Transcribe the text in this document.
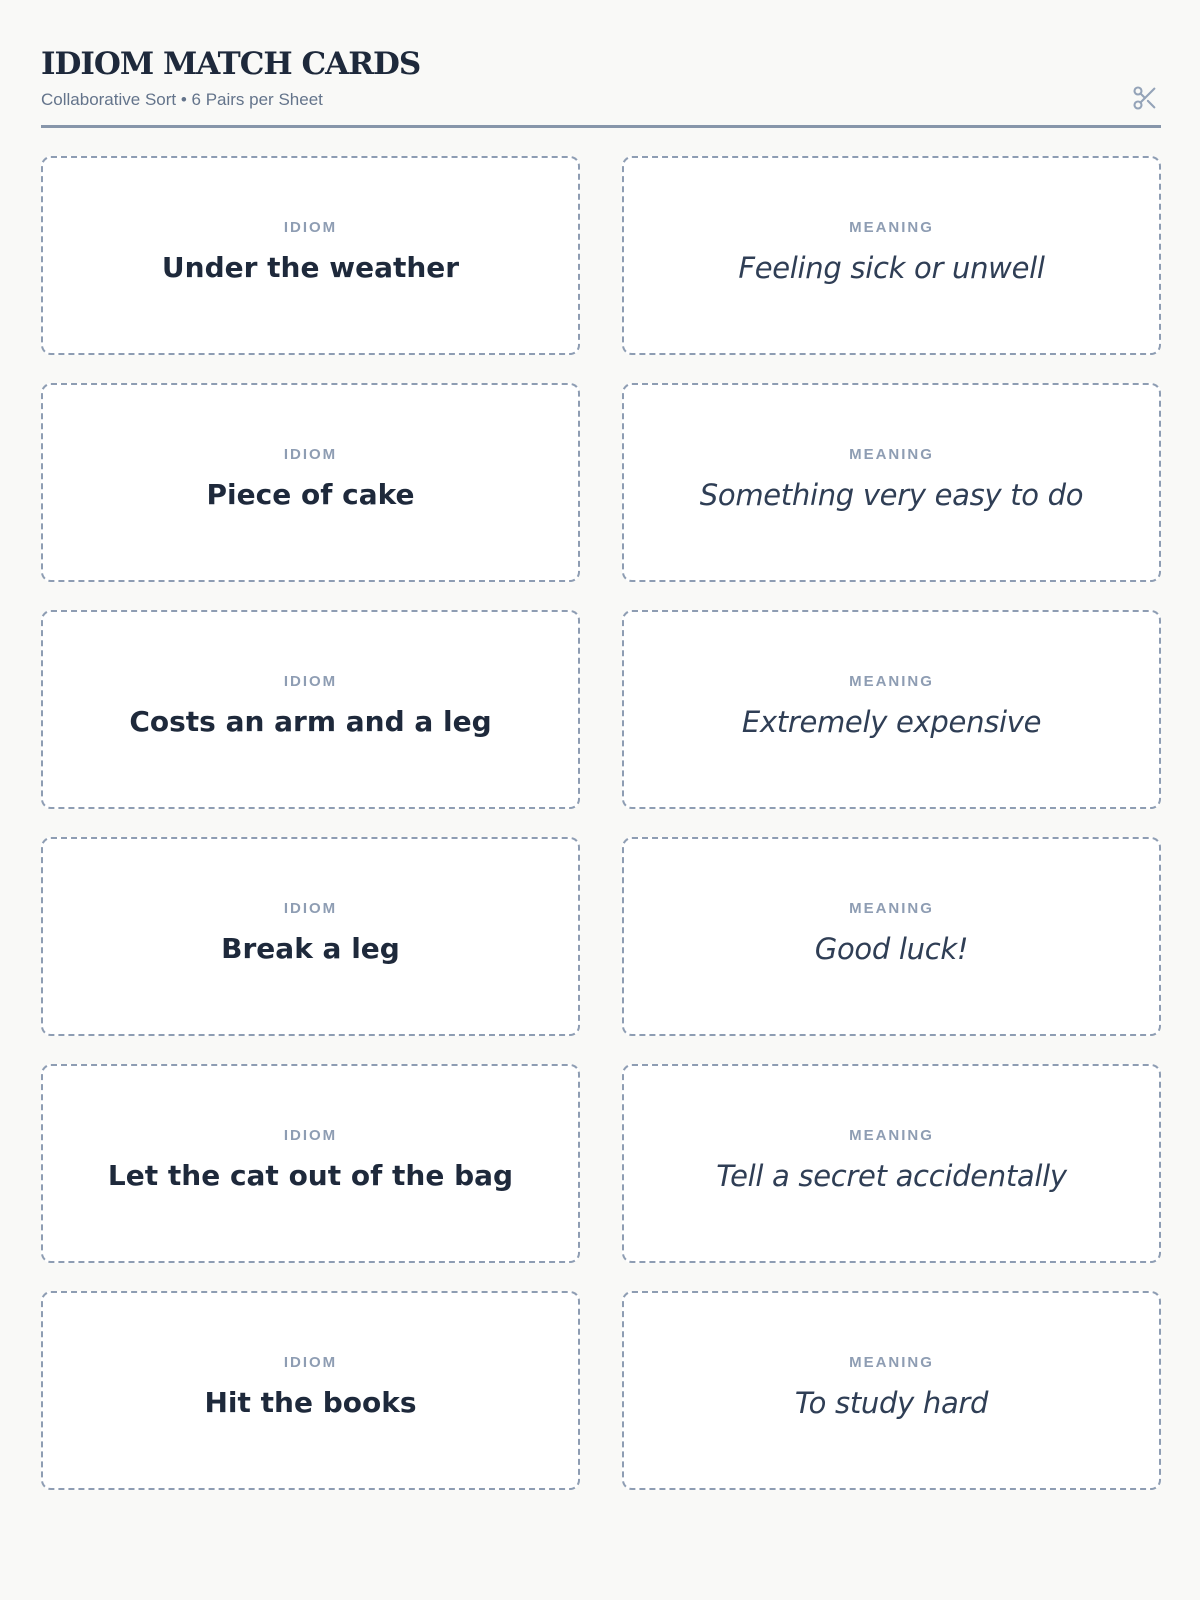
IDIOM MATCH CARDS
Collaborative Sort • 6 Pairs per Sheet
IDIOM
Under the weather
MEANING
Feeling sick or unwell
IDIOM
Piece of cake
MEANING
Something very easy to do
IDIOM
Costs an arm and a leg
MEANING
Extremely expensive
IDIOM
Break a leg
MEANING
Good luck!
IDIOM
Let the cat out of the bag
MEANING
Tell a secret accidentally
IDIOM
Hit the books
MEANING
To study hard
